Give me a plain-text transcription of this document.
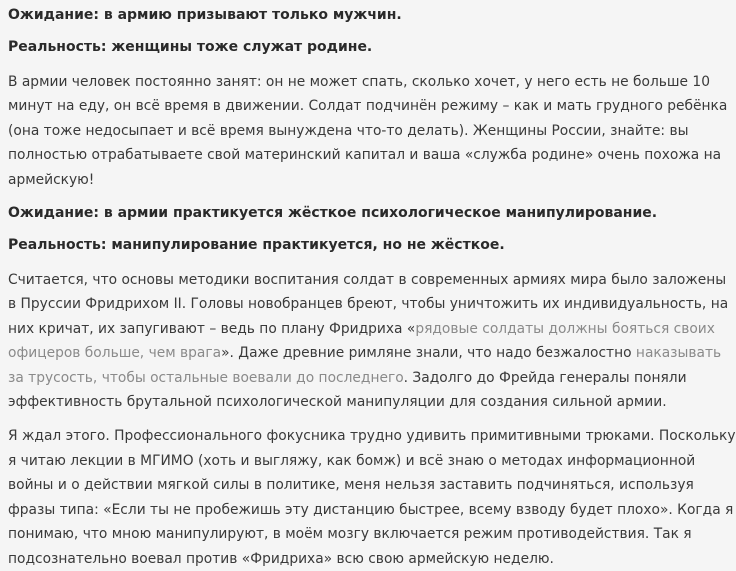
Ожидание: в армию призывают только мужчин.
Реальность: женщины тоже служат родине.

В армии человек постоянно занят: он не может спать, сколько хочет, у него есть не больше 10
минут на еду, он всё время в движении. Солдат подчинён режиму – как и мать грудного ребёнка
(она тоже недосыпает и всё время вынуждена что-то делать). Женщины России, знайте: вы
полностью отрабатываете свой материнский капитал и ваша «служба родине» очень похожа на
армейскую!

Ожидание: в армии практикуется жёсткое психологическое манипулирование.
Реальность: манипулирование практикуется, но не жёсткое.

Считается, что основы методики воспитания солдат в современных армиях мира было заложены
в Пруссии Фридрихом II. Головы новобранцев бреют, чтобы уничтожить их индивидуальность, на
них кричат, их запугивают – ведь по плану Фридриха «рядовые солдаты должны бояться своих
офицеров больше, чем врага». Даже древние римляне знали, что надо безжалостно наказывать
за трусость, чтобы остальные воевали до последнего. Задолго до Фрейда генералы поняли
эффективность брутальной психологической манипуляции для создания сильной армии.

Я ждал этого. Профессионального фокусника трудно удивить примитивными трюками. Поскольку
я читаю лекции в МГИМО (хоть и выгляжу, как бомж) и всё знаю о методах информационной
войны и о действии мягкой силы в политике, меня нельзя заставить подчиняться, используя
фразы типа: «Если ты не пробежишь эту дистанцию быстрее, всему взводу будет плохо». Когда я
понимаю, что мною манипулируют, в моём мозгу включается режим противодействия. Так я
подсознательно воевал против «Фридриха» всю свою армейскую неделю.
